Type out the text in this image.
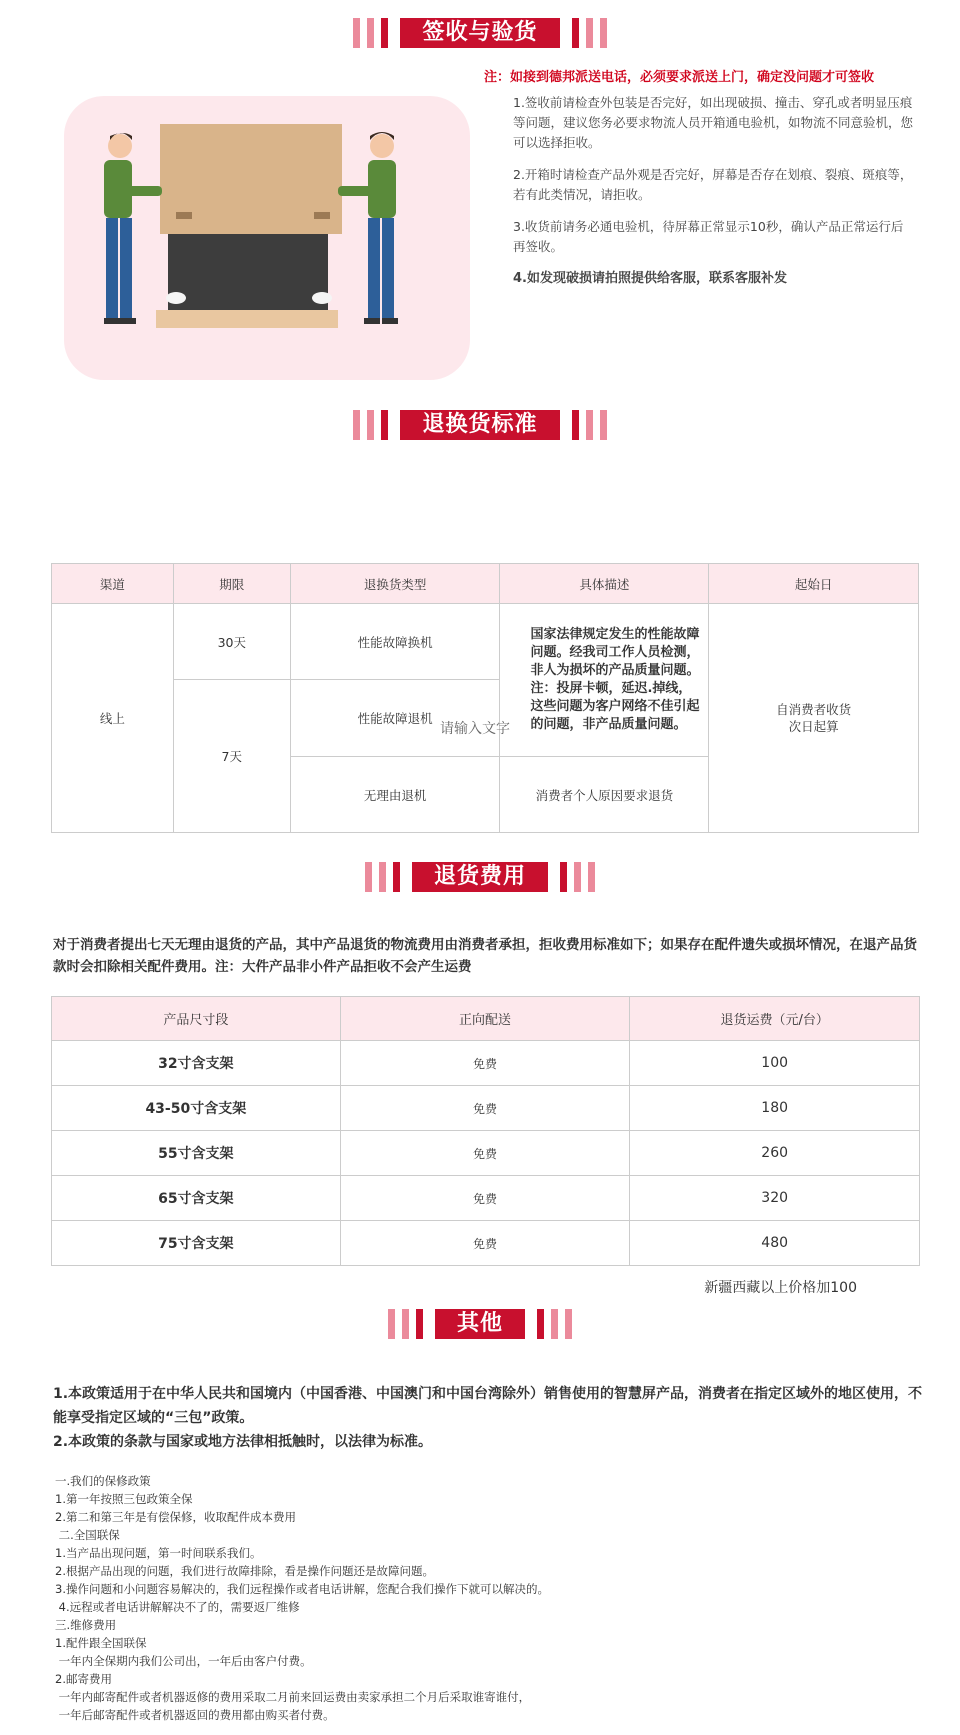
签收与验货
注：如接到德邦派送电话，必须要求派送上门，确定没问题才可签收

1.签收前请检查外包装是否完好，如出现破损、撞击、穿孔或者明显压痕等问题，建议您务必要求物流人员开箱通电验机，如物流不同意验机，您可以选择拒收。

2.开箱时请检查产品外观是否完好，屏幕是否存在划痕、裂痕、斑痕等，若有此类情况，请拒收。

3.收货前请务必通电验机，待屏幕正常显示10秒，确认产品正常运行后再签收。

4.如发现破损请拍照提供给客服，联系客服补发

退换货标准
渠道	期限	退换货类型	具体描述	起始日
线上	30天	性能故障换机	国家法律规定发生的性能故障问题。经我司工作人员检测，非人为损坏的产品质量问题。
注：投屏卡顿，延迟.掉线，这些问题为客户网络不佳引起的问题，非产品质量问题。	自消费者收货
次日起算
	7天	性能故障退机		
		无理由退机	消费者个人原因要求退货	
请输入文字
退货费用
对于消费者提出七天无理由退货的产品，其中产品退货的物流费用由消费者承担，拒收费用标准如下；如果存在配件遗失或损坏情况，在退产品货款时会扣除相关配件费用。注：大件产品非小件产品拒收不会产生运费
产品尺寸段	正向配送	退货运费（元/台）
32寸含支架	免费	100
43-50寸含支架	免费	180
55寸含支架	免费	260
65寸含支架	免费	320
75寸含支架	免费	480
新疆西藏以上价格加100
其他
1.本政策适用于在中华人民共和国境内（中国香港、中国澳门和中国台湾除外）销售使用的智慧屏产品，消费者在指定区域外的地区使用，不能享受指定区域的“三包”政策。
2.本政策的条款与国家或地方法律相抵触时，以法律为标准。
一.我们的保修政策
1.第一年按照三包政策全保
2.第二和第三年是有偿保修，收取配件成本费用
二.全国联保
1.当产品出现问题，第一时间联系我们。
2.根据产品出现的问题，我们进行故障排除，看是操作问题还是故障问题。
3.操作问题和小问题容易解决的，我们远程操作或者电话讲解，您配合我们操作下就可以解决的。
4.远程或者电话讲解解决不了的，需要返厂维修
三.维修费用
1.配件跟全国联保
一年内全保期内我们公司出，一年后由客户付费。
2.邮寄费用
一年内邮寄配件或者机器返修的费用采取二月前来回运费由卖家承担二个月后采取谁寄谁付，
一年后邮寄配件或者机器返回的费用都由购买者付费。
